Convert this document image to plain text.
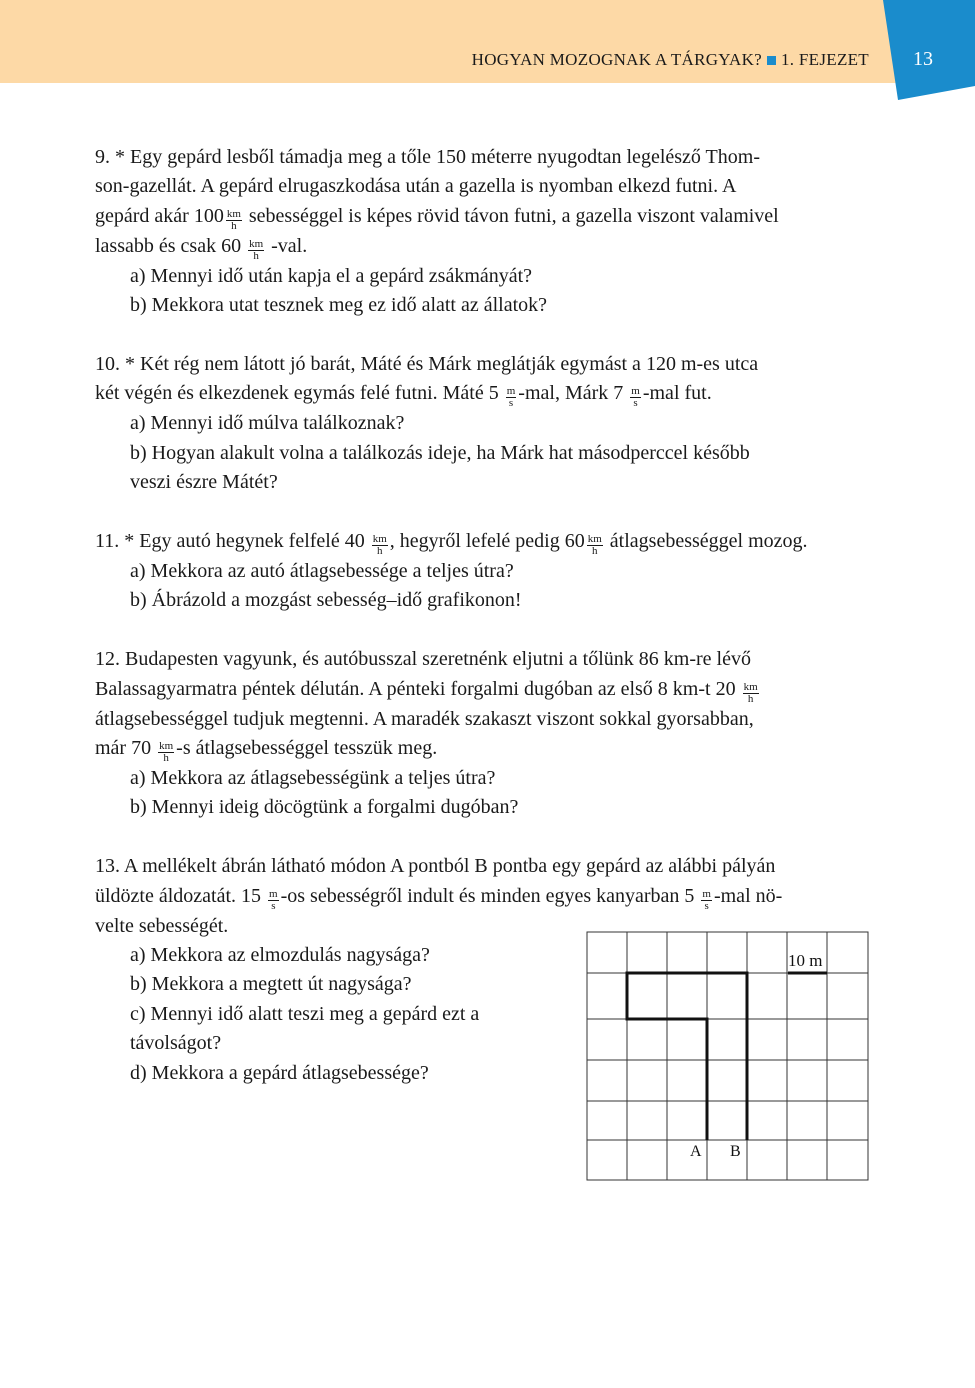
HOGYAN MOZOGNAK A TÁRGYAK? 1. FEJEZET	13

9. * Egy gepárd lesből támadja meg a tőle 150 méterre nyugodtan legelésző Thom-

son-gazellát. A gepárd elrugaszkodása után a gazella is nyomban elkezd futni. A

gepárd akár $100 \frac{km}{h}$ sebességgel is képes rövid távon futni, a gazella viszont valamivel

lassabb és csak $60 \frac{km}{h} -val$.

a) Mennyi idő után kapja el a gepárd zsákmányát?

b) Mekkora utat tesznek meg ez idő alatt az állatok?

10. * Két rég nem látott jó barát, Máté és Márk meglátják egymást a 120 m-es utca

két végén és elkezdenek egymás felé futni. Máté $5 \frac{m}{s} -mal$, Márk $7 \frac{m}{s} -mal$ fut.

a) Mennyi idő múlva találkoznak?

b) Hogyan alakult volna a találkozás ideje, ha Márk hat másodperccel később

veszi észre Mátét?

11. * Egy autó hegynek felfelé $40 \frac{km}{h}$ , hegyről lefelé pedig $60 \frac{km}{h}$ átlagsebességgel mozog.

a) Mekkora az autó átlagsebessége a teljes útra?

b) Ábrázold a mozgást sebesség–idő grafikonon!

12. Budapesten vagyunk, és autóbusszal szeretnénk eljutni a tőlünk 86 km-re lévő

Balassagyarmatra péntek délután. A pénteki forgalmi dugóban az első 8 km-t $20 \frac{km}{h}$

átlagsebességgel tudjuk megtenni. A maradék szakaszt viszont sokkal gyorsabban,

már $70 \frac{km}{h} -s$ átlagsebességgel tesszük meg.

a) Mekkora az átlagsebességünk a teljes útra?

b) Mennyi ideig döcögtünk a forgalmi dugóban?

13. A mellékelt ábrán látható módon A pontból B pontba egy gepárd az alábbi pályán

üldözte áldozatát. $15 \frac{m}{s} -os$ sebességről indult és minden egyes kanyarban $5 \frac{m}{s} -mal$ nö-

velte sebességét.

a) Mekkora az elmozdulás nagysága?

b) Mekkora a megtett út nagysága?

c) Mennyi idő alatt teszi meg a gepárd ezt a

távolságot?

d) Mekkora a gepárd átlagsebessége?

10 m
A B
